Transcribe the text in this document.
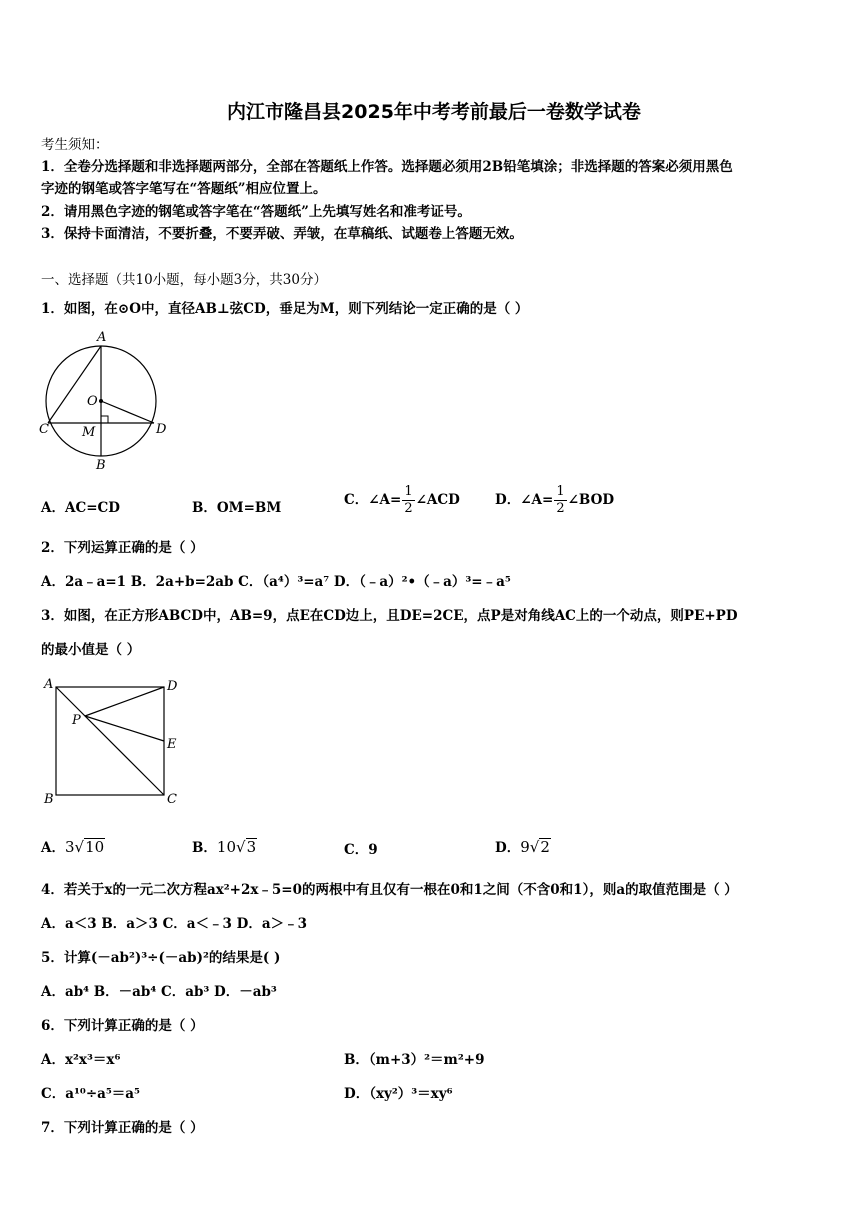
内江市隆昌县2025年中考考前最后一卷数学试卷
考生须知：
1．全卷分选择题和非选择题两部分，全部在答题纸上作答。选择题必须用2B铅笔填涂；非选择题的答案必须用黑色
字迹的钢笔或答字笔写在“答题纸”相应位置上。
2．请用黑色字迹的钢笔或答字笔在“答题纸”上先填写姓名和准考证号。
3．保持卡面清洁，不要折叠，不要弄破、弄皱，在草稿纸、试题卷上答题无效。
一、选择题（共10小题，每小题3分，共30分）
1．如图，在⊙O中，直径AB⊥弦CD，垂足为M，则下列结论一定正确的是（ ）
A
O
C	M	D
B
A．AC=CD	B．OM=BM	C．∠A= $\frac{1}{2}$ ∠ACD	D．∠A= $\frac{1}{2}$ ∠BOD
2．下列运算正确的是（ ）
A．2a﹣a=1 B．2a+b=2ab C．（a⁴）³=a⁷ D．（﹣a）²•（﹣a）³=﹣a⁵
3．如图，在正方形ABCD中，AB=9，点E在CD边上，且DE=2CE，点P是对角线AC上的一个动点，则PE+PD
的最小值是（ ）
A	D
P
E
B	C
A．3√10	B．10√3	C．9	D．9√2
4．若关于x的一元二次方程ax²+2x﹣5=0的两根中有且仅有一根在0和1之间（不含0和1），则a的取值范围是（ ）
A．a＜3 B．a＞3 C．a＜﹣3 D．a＞﹣3
5．计算(－ab²)³÷(－ab)²的结果是( )
A．ab⁴ B．－ab⁴ C．ab³ D．－ab³
6．下列计算正确的是（ ）
A．x²x³＝x⁶	B．（m+3）²＝m²+9
C．a¹⁰÷a⁵＝a⁵	D．（xy²）³＝xy⁶
7．下列计算正确的是（ ）
